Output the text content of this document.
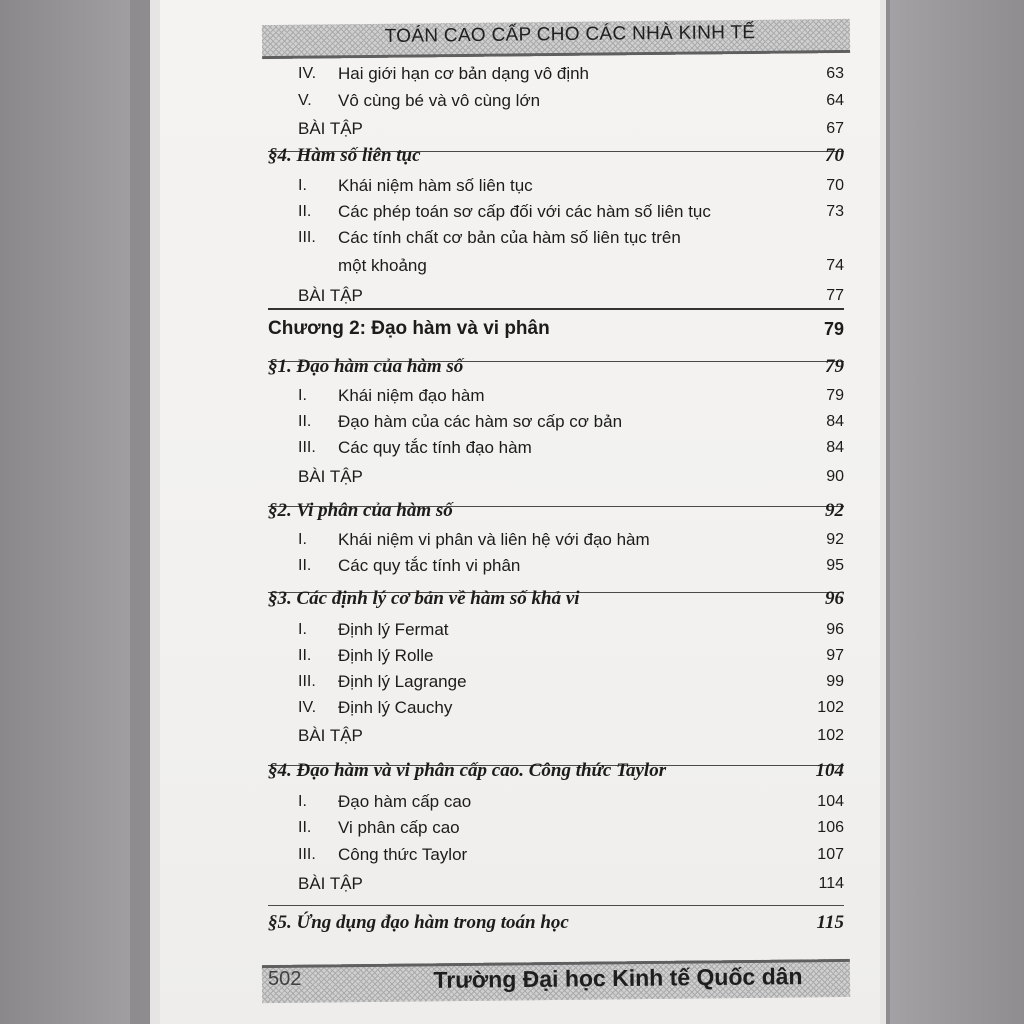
TOÁN CAO CẤP CHO CÁC NHÀ KINH TẾ
IV. Hai giới hạn cơ bản dạng vô định	63
V. Vô cùng bé và vô cùng lớn	64
BÀI TẬP	67
§4. Hàm số liên tục	70
I. Khái niệm hàm số liên tục	70
II. Các phép toán sơ cấp đối với các hàm số liên tục	73
III. Các tính chất cơ bản của hàm số liên tục trên
một khoảng	74
BÀI TẬP	77
Chương 2: Đạo hàm và vi phân	79
§1. Đạo hàm của hàm số	79
I. Khái niệm đạo hàm	79
II. Đạo hàm của các hàm sơ cấp cơ bản	84
III. Các quy tắc tính đạo hàm	84
BÀI TẬP	90
§2. Vi phân của hàm số	92
I. Khái niệm vi phân và liên hệ với đạo hàm	92
II. Các quy tắc tính vi phân	95
§3. Các định lý cơ bản về hàm số khả vi	96
I. Định lý Fermat	96
II. Định lý Rolle	97
III. Định lý Lagrange	99
IV. Định lý Cauchy	102
BÀI TẬP	102
§4. Đạo hàm và vi phân cấp cao. Công thức Taylor	104
I. Đạo hàm cấp cao	104
II. Vi phân cấp cao	106
III. Công thức Taylor	107
BÀI TẬP	114
§5. Ứng dụng đạo hàm trong toán học	115
502	Trường Đại học Kinh tế Quốc dân
